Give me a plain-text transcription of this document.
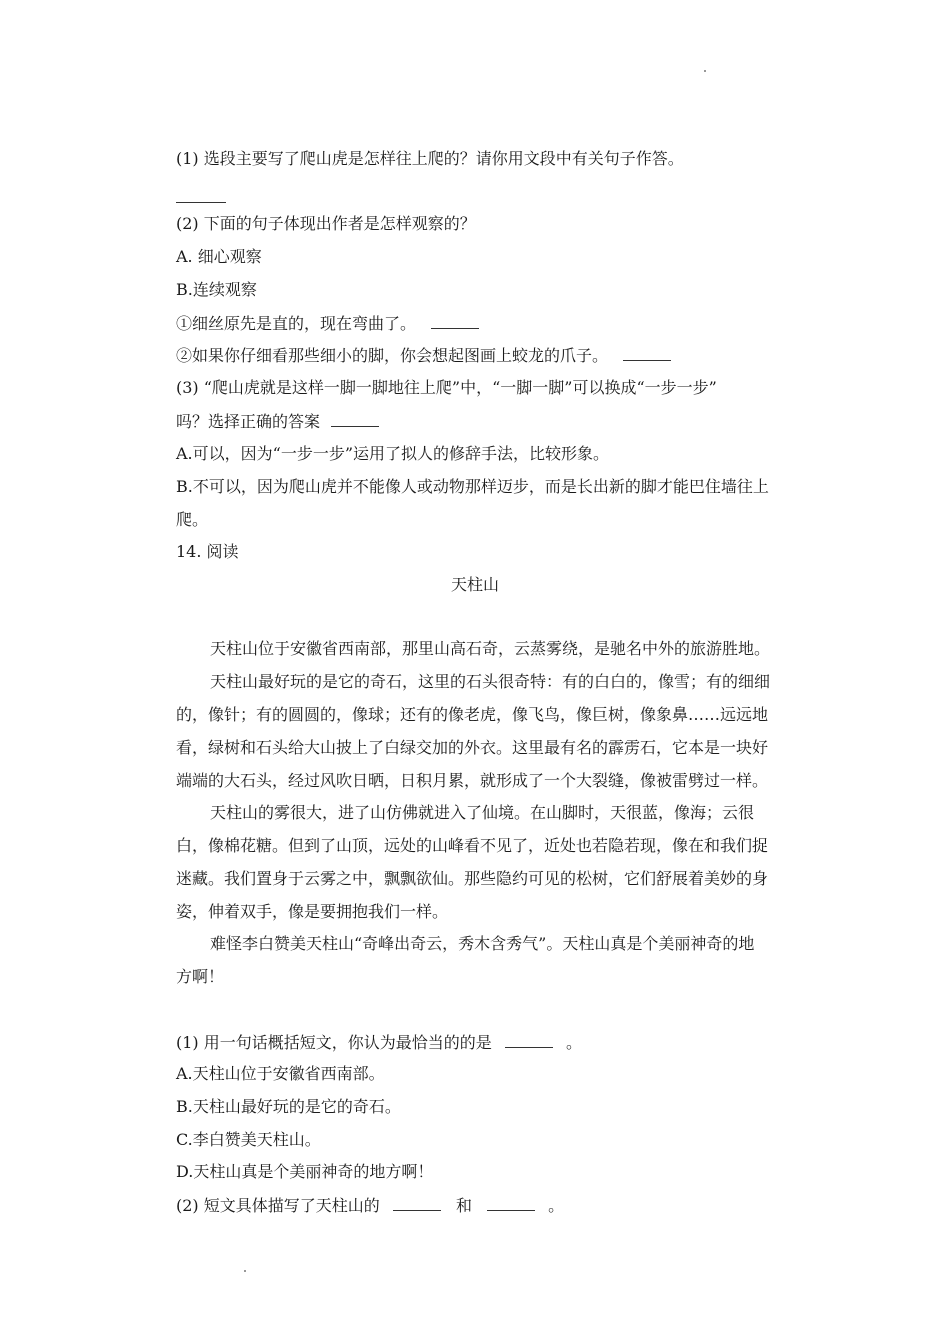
(1) 选段主要写了爬山虎是怎样往上爬的？请你用文段中有关句子作答。
(2) 下面的句子体现出作者是怎样观察的？
A. 细心观察
B.连续观察
①细丝原先是直的，现在弯曲了。
②如果你仔细看那些细小的脚，你会想起图画上蛟龙的爪子。
(3) “爬山虎就是这样一脚一脚地往上爬”中，“一脚一脚”可以换成“一步一步”
吗？选择正确的答案
A.可以，因为“一步一步”运用了拟人的修辞手法，比较形象。
B.不可以，因为爬山虎并不能像人或动物那样迈步，而是长出新的脚才能巴住墙往上
爬。
14. 阅读
天柱山
天柱山位于安徽省西南部，那里山高石奇，云蒸雾绕，是驰名中外的旅游胜地。
天柱山最好玩的是它的奇石，这里的石头很奇特：有的白白的，像雪；有的细细
的，像针；有的圆圆的，像球；还有的像老虎，像飞鸟，像巨树，像象鼻……远远地
看，绿树和石头给大山披上了白绿交加的外衣。这里最有名的霹雳石，它本是一块好
端端的大石头，经过风吹日晒，日积月累，就形成了一个大裂缝，像被雷劈过一样。
天柱山的雾很大，进了山仿佛就进入了仙境。在山脚时，天很蓝，像海；云很
白，像棉花糖。但到了山顶，远处的山峰看不见了，近处也若隐若现，像在和我们捉
迷藏。我们置身于云雾之中，飘飘欲仙。那些隐约可见的松树，它们舒展着美妙的身
姿，伸着双手，像是要拥抱我们一样。
难怪李白赞美天柱山“奇峰出奇云，秀木含秀气”。天柱山真是个美丽神奇的地
方啊！
(1) 用一句话概括短文，你认为最恰当的的是	。
A.天柱山位于安徽省西南部。
B.天柱山最好玩的是它的奇石。
C.李白赞美天柱山。
D.天柱山真是个美丽神奇的地方啊！
(2) 短文具体描写了天柱山的	和	。
